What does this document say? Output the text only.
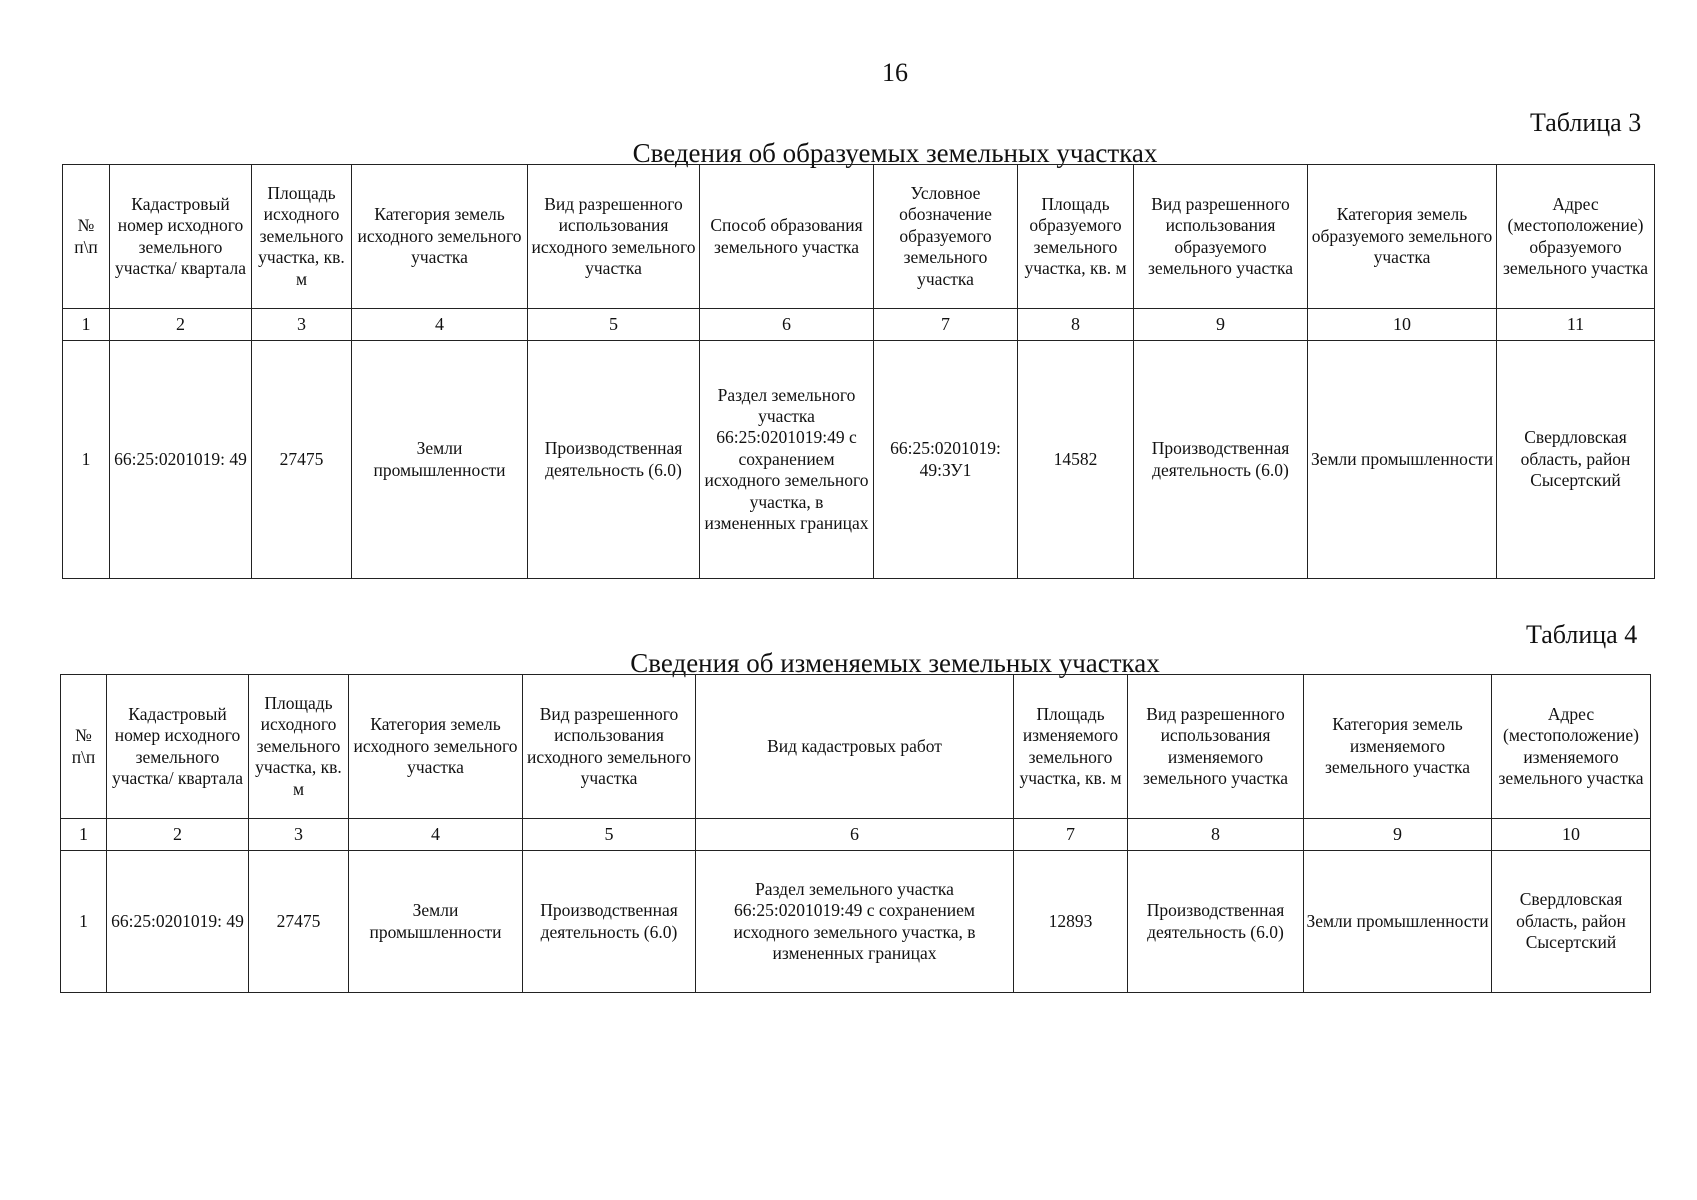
16
Таблица 3
Сведения об образуемых земельных участках
№ п\п	Кадастровый номер исходного земельного участка/ квартала	Площадь исходного земельного участка, кв. м	Категория земель исходного земельного участка	Вид разрешенного использования исходного земельного участка	Способ образования земельного участка	Условное обозначение образуемого земельного участка	Площадь образуемого земельного участка, кв. м	Вид разрешенного использования образуемого земельного участка	Категория земель образуемого земельного участка	Адрес (местоположение) образуемого земельного участка
1	2	3	4	5	6	7	8	9	10	11
1	66:25:0201019: 49	27475	Земли промышленности	Производственная деятельность (6.0)	Раздел земельного участка 66:25:0201019:49 с сохранением исходного земельного участка, в измененных границах	66:25:0201019: 49:ЗУ1	14582	Производственная деятельность (6.0)	Земли промышленности	Свердловская область, район Сысертский
Таблица 4
Сведения об изменяемых земельных участках
№ п\п	Кадастровый номер исходного земельного участка/ квартала	Площадь исходного земельного участка, кв. м	Категория земель исходного земельного участка	Вид разрешенного использования исходного земельного участка	Вид кадастровых работ	Площадь изменяемого земельного участка, кв. м	Вид разрешенного использования изменяемого земельного участка	Категория земель изменяемого земельного участка	Адрес (местоположение) изменяемого земельного участка
1	2	3	4	5	6	7	8	9	10
1	66:25:0201019: 49	27475	Земли промышленности	Производственная деятельность (6.0)	Раздел земельного участка 66:25:0201019:49 с сохранением исходного земельного участка, в измененных границах	12893	Производственная деятельность (6.0)	Земли промышленности	Свердловская область, район Сысертский
